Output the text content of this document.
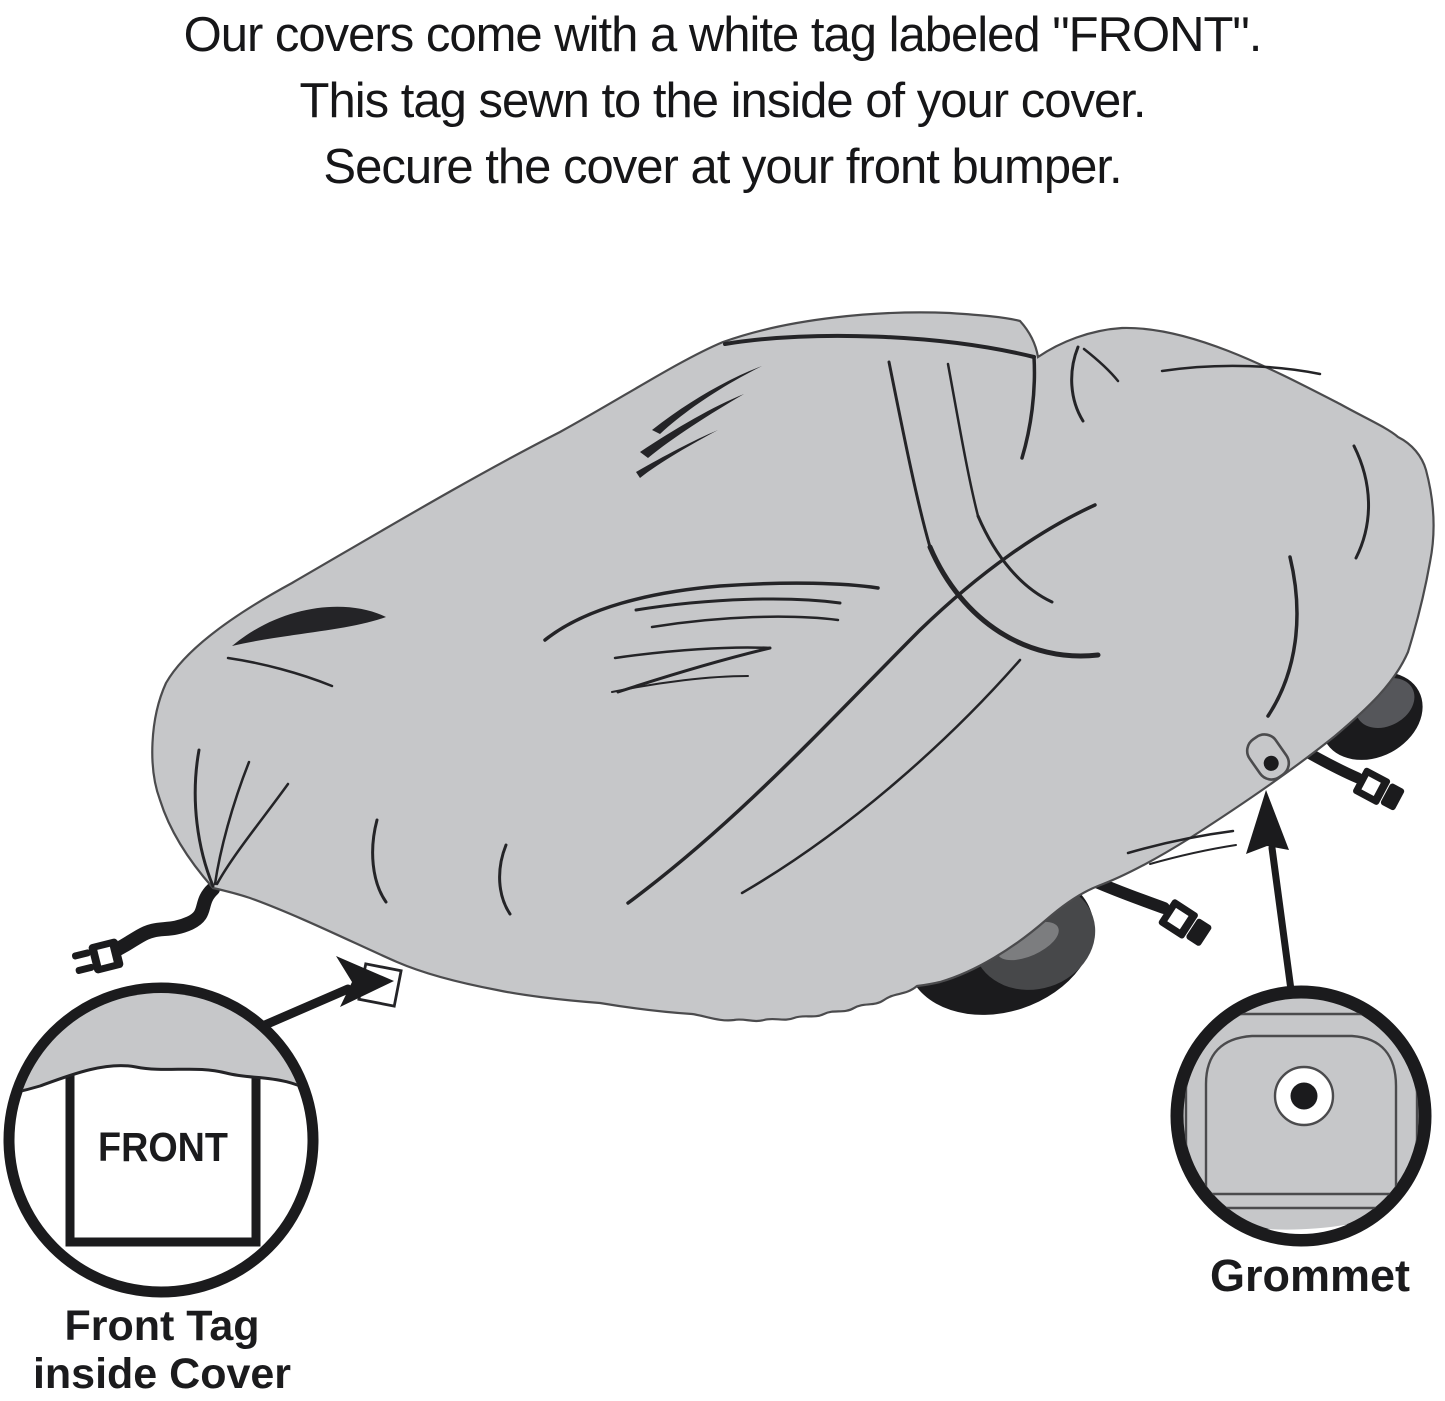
Our covers come with a white tag labeled "FRONT".
This tag sewn to the inside of your cover.
Secure the cover at your front bumper.
FRONT
Front Tag
inside Cover
Grommet
